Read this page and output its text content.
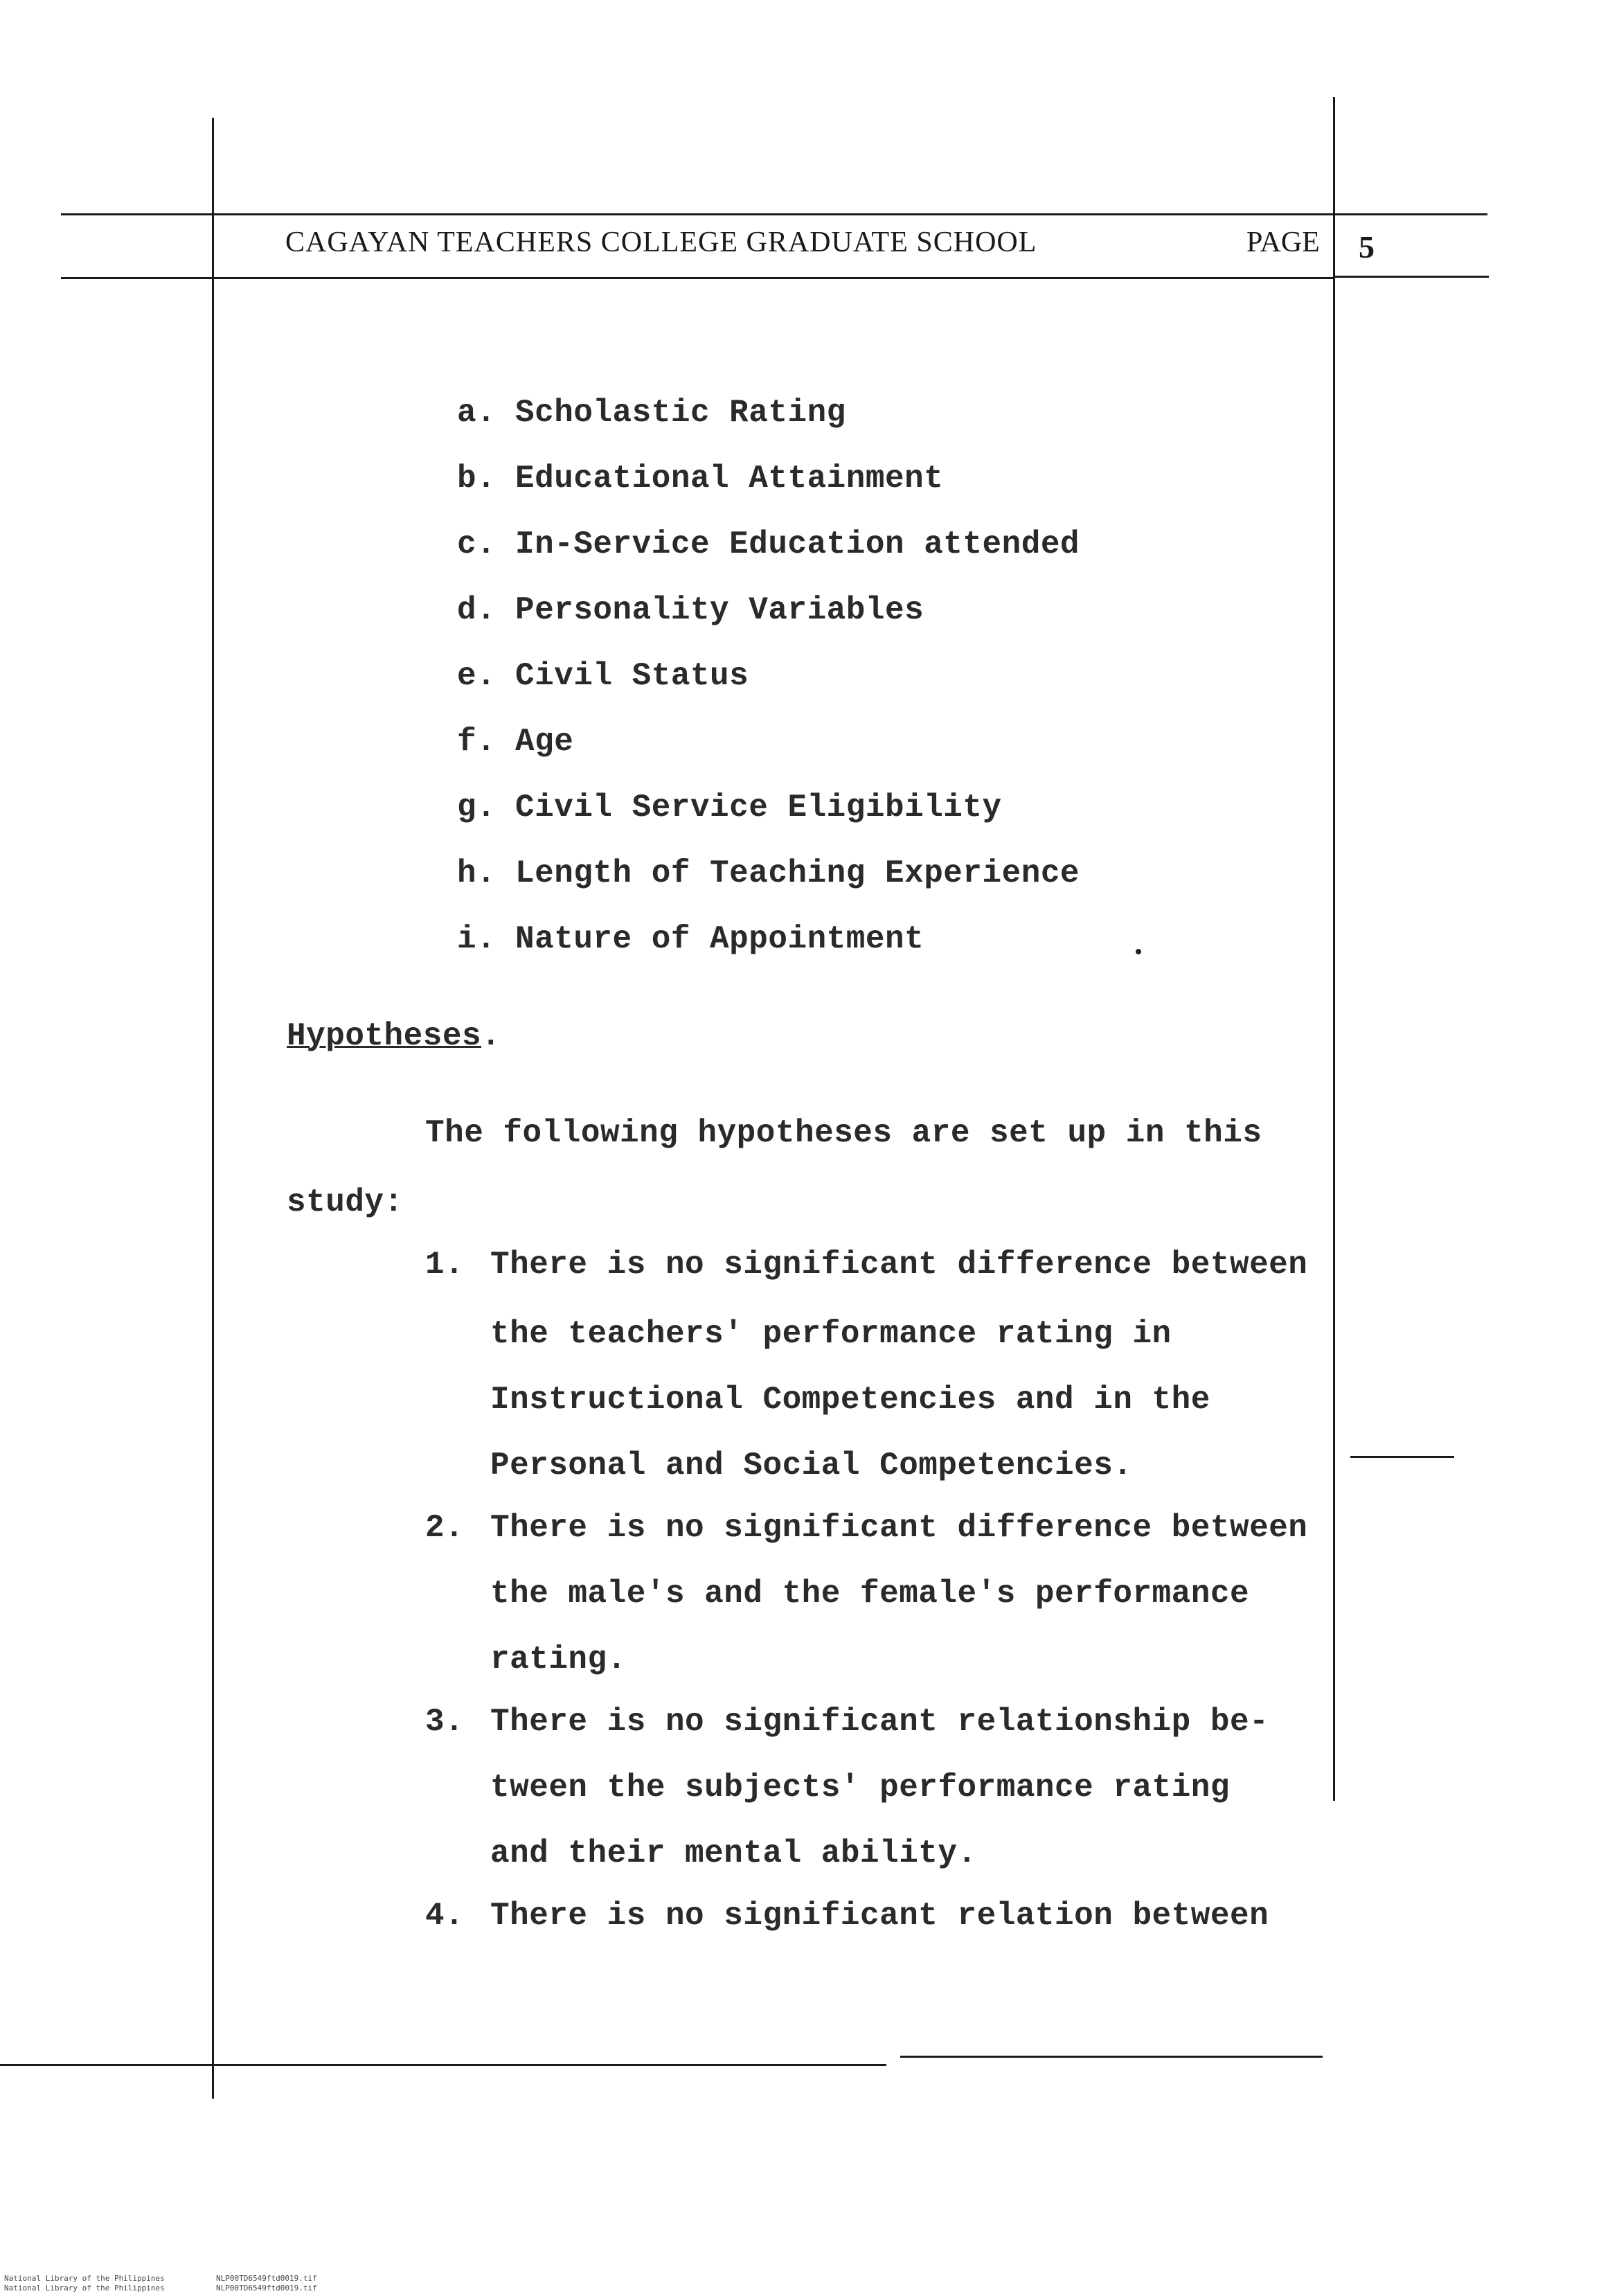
CAGAYAN TEACHERS COLLEGE GRADUATE SCHOOL	PAGE 5
a. Scholastic Rating
b. Educational Attainment
c. In-Service Education attended
d. Personality Variables
e. Civil Status
f. Age
g. Civil Service Eligibility
h. Length of Teaching Experience
i. Nature of Appointment
Hypotheses.
The following hypotheses are set up in this
study:
1. There is no significant difference between
the teachers' performance rating in
Instructional Competencies and in the
Personal and Social Competencies.
2. There is no significant difference between
the male's and the female's performance
rating.
3. There is no significant relationship be-
tween the subjects' performance rating
and their mental ability.
4. There is no significant relation between
National Library of the Philippines
National Library of the Philippines
NLP00TD6549ftd0019.tif
NLP00TD6549ftd0019.tif
